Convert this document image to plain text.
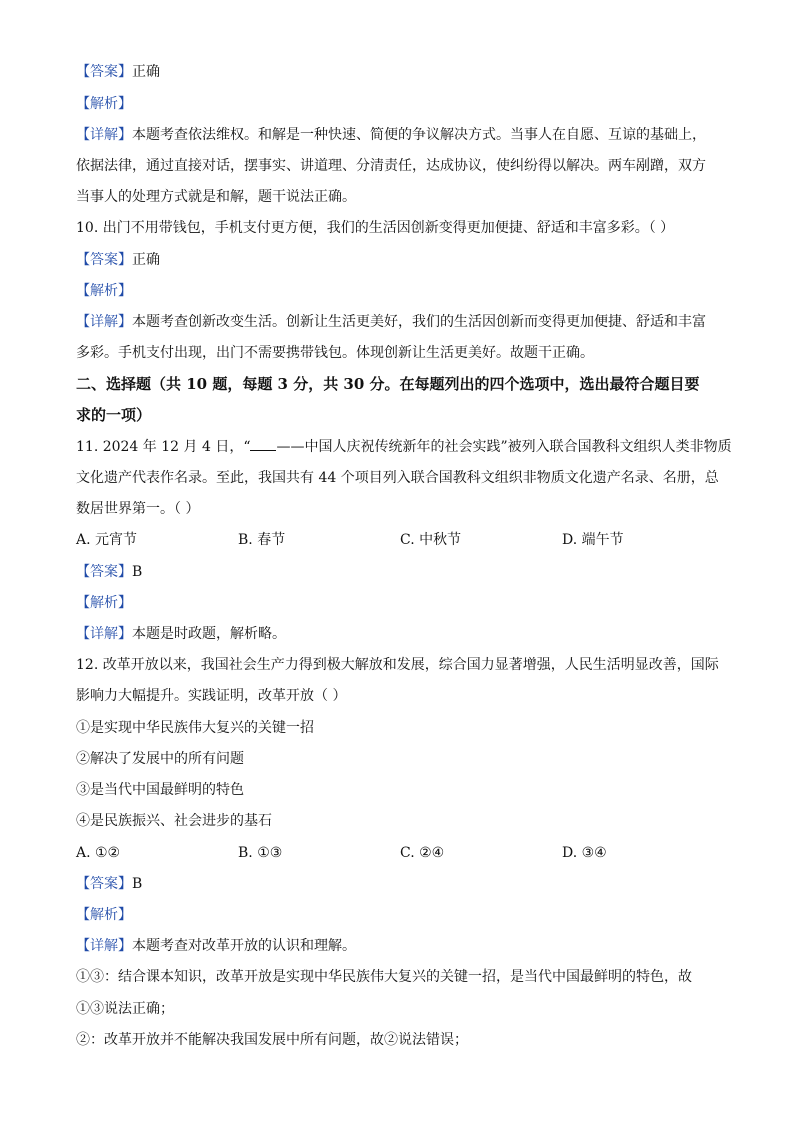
【答案】正确
【解析】
【详解】本题考查依法维权。和解是一种快速、简便的争议解决方式。当事人在自愿、互谅的基础上，
依据法律，通过直接对话，摆事实、讲道理、分清责任，达成协议，使纠纷得以解决。两车剐蹭，双方
当事人的处理方式就是和解，题干说法正确。
10. 出门不用带钱包，手机支付更方便，我们的生活因创新变得更加便捷、舒适和丰富多彩。（ ）
【答案】正确
【解析】
【详解】本题考查创新改变生活。创新让生活更美好，我们的生活因创新而变得更加便捷、舒适和丰富
多彩。手机支付出现，出门不需要携带钱包。体现创新让生活更美好。故题干正确。
二、选择题（共 10 题，每题 3 分，共 30 分。在每题列出的四个选项中，选出最符合题目要
求的一项）
11. 2024 年 12 月 4 日，“ ——中国人庆祝传统新年的社会实践”被列入联合国教科文组织人类非物质
文化遗产代表作名录。至此，我国共有 44 个项目列入联合国教科文组织非物质文化遗产名录、名册，总
数居世界第一。（ ）
A. 元宵节	B. 春节	C. 中秋节	D. 端午节
【答案】B
【解析】
【详解】本题是时政题，解析略。
12. 改革开放以来，我国社会生产力得到极大解放和发展，综合国力显著增强，人民生活明显改善，国际
影响力大幅提升。实践证明，改革开放（ ）
①是实现中华民族伟大复兴的关键一招
②解决了发展中的所有问题
③是当代中国最鲜明的特色
④是民族振兴、社会进步的基石
A. ①②	B. ①③	C. ②④	D. ③④
【答案】B
【解析】
【详解】本题考查对改革开放的认识和理解。
①③：结合课本知识，改革开放是实现中华民族伟大复兴的关键一招，是当代中国最鲜明的特色，故
①③说法正确；
②：改革开放并不能解决我国发展中所有问题，故②说法错误；
